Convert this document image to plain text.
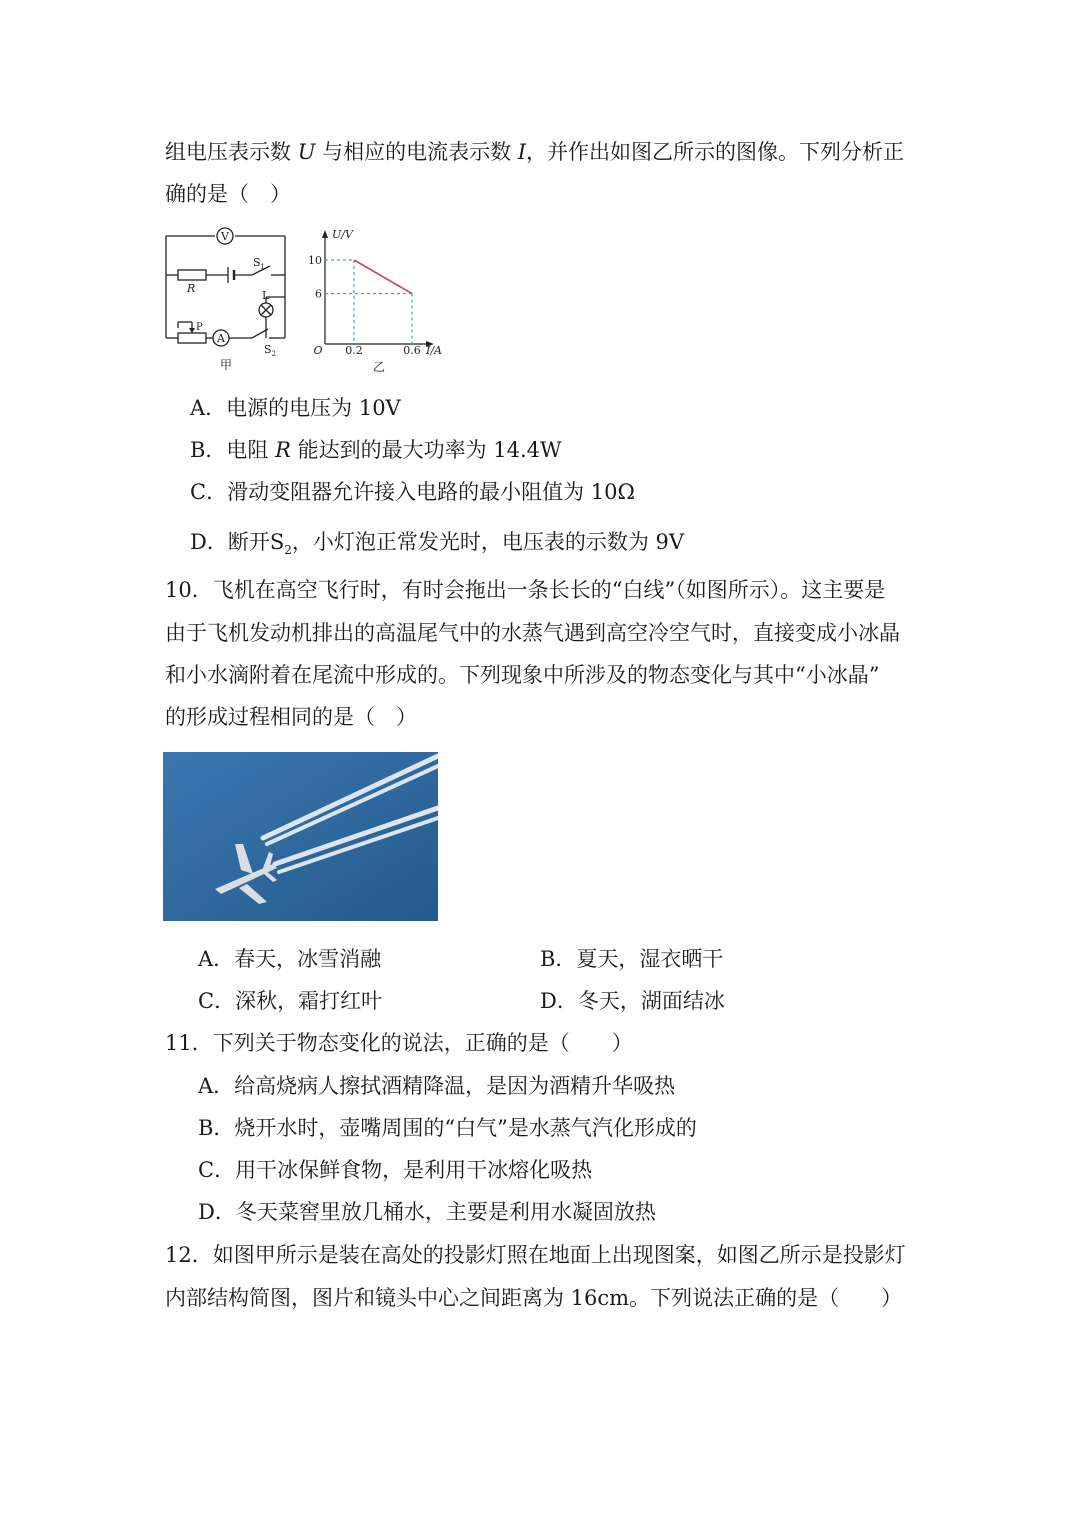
组电压表示数 U 与相应的电流表示数 I，并作出如图乙所示的图像。下列分析正
确的是（　）
V
A
R
L
$S_1$
$S_2$
P
甲
U/V
I/A
O
10
6
0.2	0.6
乙
A．电源的电压为 10V
B．电阻 R 能达到的最大功率为 14.4W
C．滑动变阻器允许接入电路的最小阻值为 10Ω
D．断开$S_2$，小灯泡正常发光时，电压表的示数为 9V
10．飞机在高空飞行时，有时会拖出一条长长的“白线”（如图所示）。这主要是
由于飞机发动机排出的高温尾气中的水蒸气遇到高空冷空气时，直接变成小冰晶
和小水滴附着在尾流中形成的。下列现象中所涉及的物态变化与其中“小冰晶”
的形成过程相同的是（　）
A．春天，冰雪消融	B．夏天，湿衣晒干
C．深秋，霜打红叶	D．冬天，湖面结冰
11．下列关于物态变化的说法，正确的是（　　）
A．给高烧病人擦拭酒精降温，是因为酒精升华吸热
B．烧开水时，壶嘴周围的“白气”是水蒸气汽化形成的
C．用干冰保鲜食物，是利用干冰熔化吸热
D．冬天菜窖里放几桶水，主要是利用水凝固放热
12．如图甲所示是装在高处的投影灯照在地面上出现图案，如图乙所示是投影灯
内部结构简图，图片和镜头中心之间距离为 16cm。下列说法正确的是（　　）
